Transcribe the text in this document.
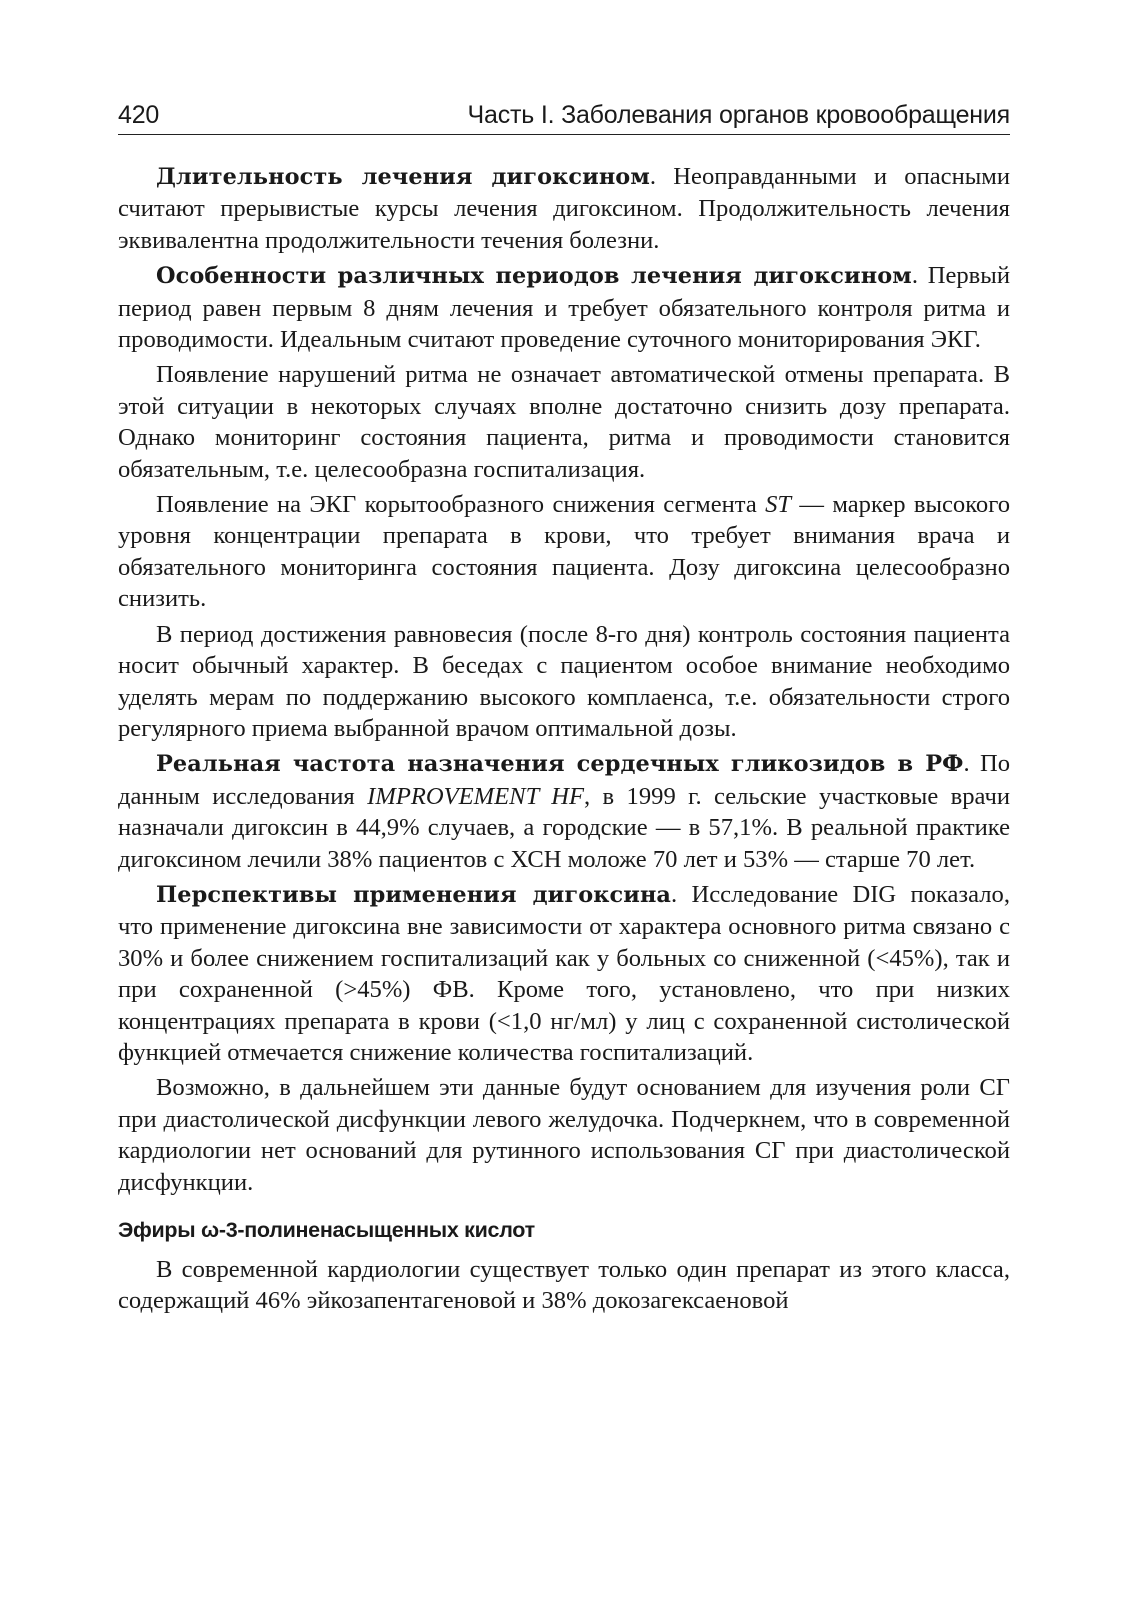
420	Часть I. Заболевания органов кровообращения

Длительность лечения дигоксином. Неоправданными и опасными считают прерывистые курсы лечения дигоксином. Продолжительность лечения эквивалентна продолжительности течения болезни.

Особенности различных периодов лечения дигоксином. Первый период равен первым 8 дням лечения и требует обязательного контроля ритма и проводимости. Идеальным считают проведение суточного мониторирования ЭКГ.

Появление нарушений ритма не означает автоматической отмены препарата. В этой ситуации в некоторых случаях вполне достаточно снизить дозу препарата. Однако мониторинг состояния пациента, ритма и проводимости становится обязательным, т.е. целесообразна госпитализация.

Появление на ЭКГ корытообразного снижения сегмента ST — маркер высокого уровня концентрации препарата в крови, что требует внимания врача и обязательного мониторинга состояния пациента. Дозу дигоксина целесообразно снизить.

В период достижения равновесия (после 8-го дня) контроль состояния пациента носит обычный характер. В беседах с пациентом особое внимание необходимо уделять мерам по поддержанию высокого комплаенса, т.е. обязательности строго регулярного приема выбранной врачом оптимальной дозы.

Реальная частота назначения сердечных гликозидов в РФ. По данным исследования IMPROVEMENT HF, в 1999 г. сельские участковые врачи назначали дигоксин в 44,9% случаев, а городские — в 57,1%. В реальной практике дигоксином лечили 38% пациентов с ХСН моложе 70 лет и 53% — старше 70 лет.

Перспективы применения дигоксина. Исследование DIG показало, что применение дигоксина вне зависимости от характера основного ритма связано с 30% и более снижением госпитализаций как у больных со сниженной (<45%), так и при сохраненной (>45%) ФВ. Кроме того, установлено, что при низких концентрациях препарата в крови (<1,0 нг/мл) у лиц с сохраненной систолической функцией отмечается снижение количества госпитализаций.

Возможно, в дальнейшем эти данные будут основанием для изучения роли СГ при диастолической дисфункции левого желудочка. Подчеркнем, что в современной кардиологии нет оснований для рутинного использования СГ при диастолической дисфункции.

Эфиры ω-3-полиненасыщенных кислот

В современной кардиологии существует только один препарат из этого класса, содержащий 46% эйкозапентагеновой и 38% докозагексаеновой
